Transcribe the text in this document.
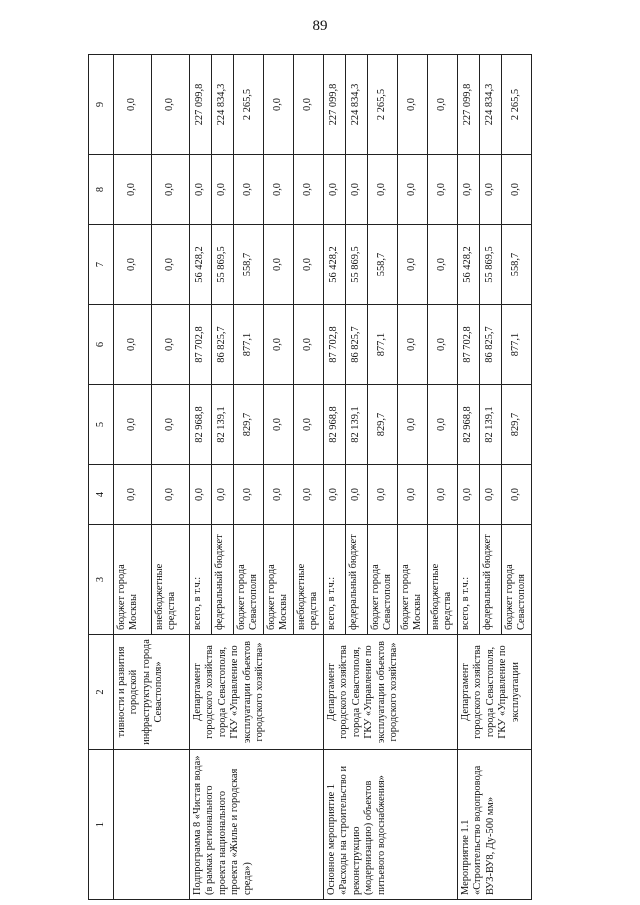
89
1	2	3	4	5	6	7	8	9
	тивности и развития городской инфраструктуры города Севастополя»	бюджет города Москвы	0,0	0,0	0,0	0,0	0,0	0,0
		внебюджетные средства	0,0	0,0	0,0	0,0	0,0	0,0
Подпрограмма 8 «Чистая вода» (в рамках регионального проекта национального проекта «Жилье и городская среда»)	Департамент городского хозяйства города Севастополя, ГКУ «Управление по эксплуатации объектов городского хозяйства»	всего, в т.ч.:	0,0	82 968,8	87 702,8	56 428,2	0,0	227 099,8
		федеральный бюджет	0,0	82 139,1	86 825,7	55 869,5	0,0	224 834,3
		бюджет города Севастополя	0,0	829,7	877,1	558,7	0,0	2 265,5
		бюджет города Москвы	0,0	0,0	0,0	0,0	0,0	0,0
		внебюджетные средства	0,0	0,0	0,0	0,0	0,0	0,0
Основное мероприятие 1 «Расходы на строительство и реконструкцию (модернизацию) объектов питьевого водоснабжения»	Департамент городского хозяйства города Севастополя, ГКУ «Управление по эксплуатации объектов городского хозяйства»	всего, в т.ч.:	0,0	82 968,8	87 702,8	56 428,2	0,0	227 099,8
		федеральный бюджет	0,0	82 139,1	86 825,7	55 869,5	0,0	224 834,3
		бюджет города Севастополя	0,0	829,7	877,1	558,7	0,0	2 265,5
		бюджет города Москвы	0,0	0,0	0,0	0,0	0,0	0,0
		внебюджетные средства	0,0	0,0	0,0	0,0	0,0	0,0
Мероприятие 1.1 «Строительство водопровода ВУЗ-ВУ8, Ду-500 мм»	Департамент городского хозяйства города Севастополя, ГКУ «Управление по эксплуатации	всего, в т.ч.:	0,0	82 968,8	87 702,8	56 428,2	0,0	227 099,8
		федеральный бюджет	0,0	82 139,1	86 825,7	55 869,5	0,0	224 834,3
		бюджет города Севастополя	0,0	829,7	877,1	558,7	0,0	2 265,5
